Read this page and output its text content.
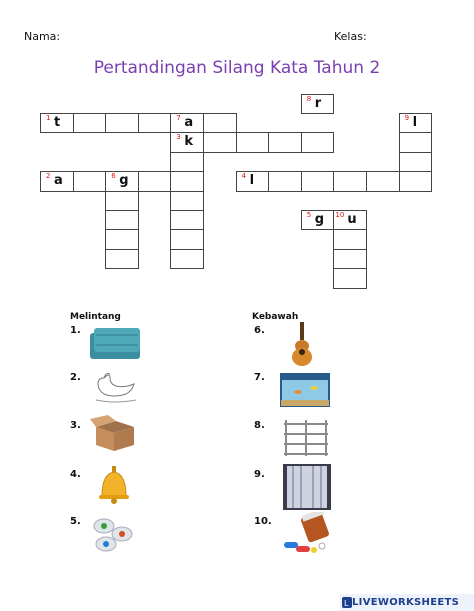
Nama:	Kelas:
Pertandingan Silang Kata Tahun 2
1 t	7 a
3 k
2 a	6 g	4 l
5 g 10 u
8 r
9 l
Melintang	Kebawah
1.
2.
3.
4.
5.
6.
7.
8.
9.
10.
L LIVEWORKSHEETS
